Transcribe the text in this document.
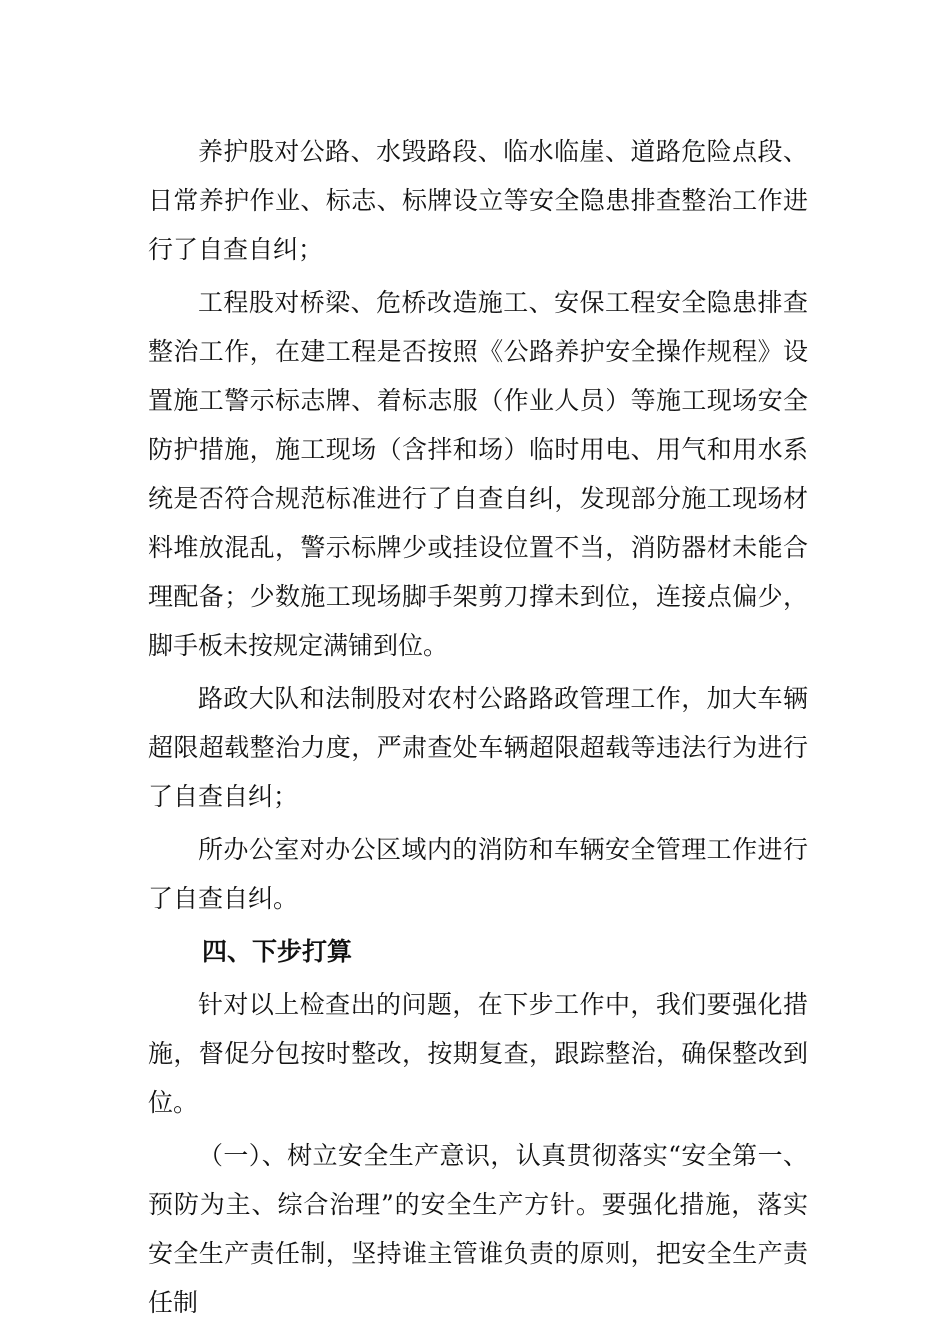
养护股对公路、水毁路段、临水临崖、道路危险点段、日常养护作业、标志、标牌设立等安全隐患排查整治工作进行了自查自纠；

工程股对桥梁、危桥改造施工、安保工程安全隐患排查整治工作，在建工程是否按照《公路养护安全操作规程》设置施工警示标志牌、着标志服（作业人员）等施工现场安全防护措施，施工现场（含拌和场）临时用电、用气和用水系统是否符合规范标准进行了自查自纠，发现部分施工现场材料堆放混乱，警示标牌少或挂设位置不当，消防器材未能合理配备；少数施工现场脚手架剪刀撑未到位，连接点偏少，脚手板未按规定满铺到位。

路政大队和法制股对农村公路路政管理工作，加大车辆超限超载整治力度，严肃查处车辆超限超载等违法行为进行了自查自纠；

所办公室对办公区域内的消防和车辆安全管理工作进行了自查自纠。

四、下步打算

针对以上检查出的问题，在下步工作中，我们要强化措施，督促分包按时整改，按期复查，跟踪整治，确保整改到位。

（一）、树立安全生产意识，认真贯彻落实“安全第一、预防为主、综合治理”的安全生产方针。要强化措施，落实安全生产责任制，坚持谁主管谁负责的原则，把安全生产责任制
